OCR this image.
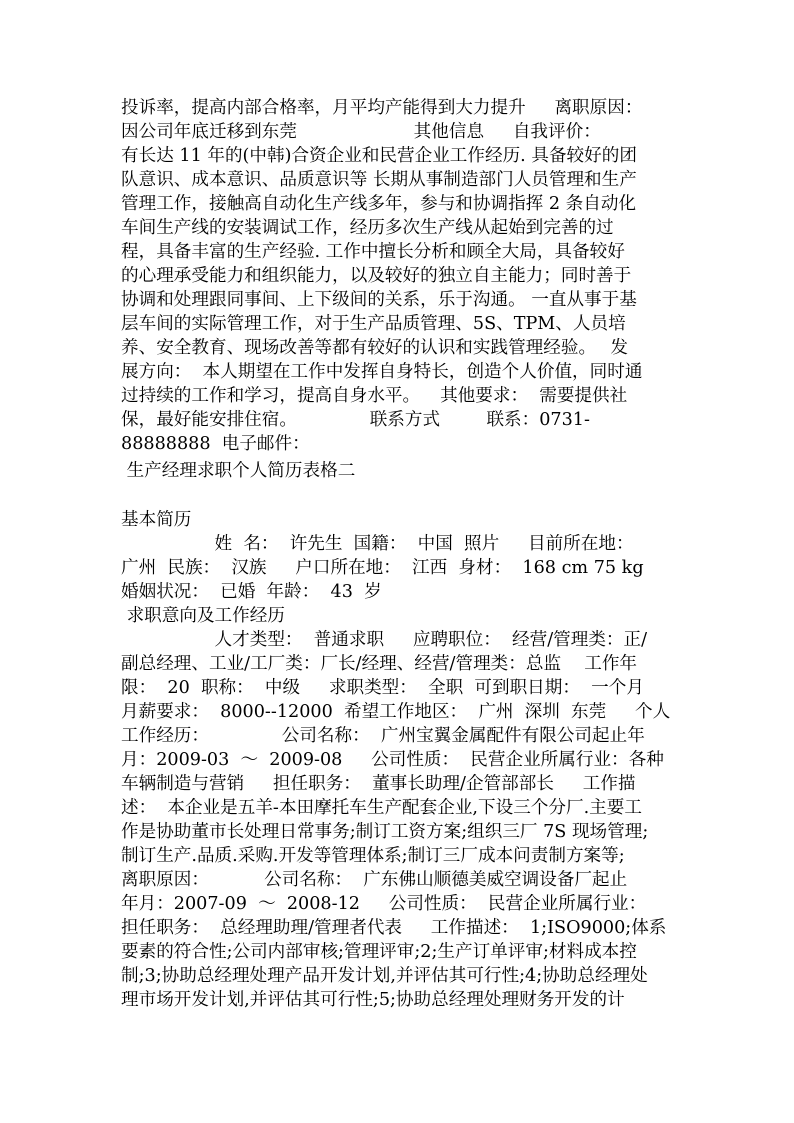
投诉率，提高内部合格率，月平均产能得到大力提升　  离职原因：
因公司年底迁移到东莞　　　　　　  其他信息　  自我评价：
有长达 11 年的(中韩)合资企业和民营企业工作经历. 具备较好的团
队意识、成本意识、品质意识等 长期从事制造部门人员管理和生产
管理工作，接触高自动化生产线多年，参与和协调指挥 2 条自动化
车间生产线的安装调试工作，经历多次生产线从起始到完善的过
程，具备丰富的生产经验. 工作中擅长分析和顾全大局，具备较好
的心理承受能力和组织能力，以及较好的独立自主能力；同时善于
协调和处理跟同事间、上下级间的关系，乐于沟通。 一直从事于基
层车间的实际管理工作，对于生产品质管理、5S、TPM、人员培
养、安全教育、现场改善等都有较好的认识和实践管理经验。　 发
展方向：  本人期望在工作中发挥自身特长，创造个人价值，同时通
过持续的工作和学习，提高自身水平。　  其他要求：  需要提供社
保，最好能安排住宿。　　　　  联系方式　　  联系：0731-
88888888  电子邮件：
生产经理求职个人简历表格二
基本简历
　　　　　 姓  名：  许先生  国籍：  中国  照片　  目前所在地：
广州  民族：  汉族　  户口所在地：  江西  身材：  168 cm 75 kg
婚姻状况：  已婚  年龄：  43  岁
求职意向及工作经历
　　　　　 人才类型：  普通求职　  应聘职位：  经营/管理类：正/
副总经理、工业/工厂类：厂长/经理、经营/管理类：总监　 工作年
限：  20  职称：  中级　  求职类型：  全职  可到职日期：  一个月
月薪要求：  8000--12000  希望工作地区：  广州  深圳  东莞　  个人
工作经历：　　　　  公司名称：  广州宝翼金属配件有限公司起止年
月：2009-03  ～  2009-08　  公司性质：  民营企业所属行业：各种
车辆制造与营销　  担任职务：  董事长助理/企管部部长　  工作描
述：  本企业是五羊-本田摩托车生产配套企业,下设三个分厂.主要工
作是协助董市长处理日常事务;制订工资方案;组织三厂 7S 现场管理;
制订生产.品质.采购.开发等管理体系;制订三厂成本问责制方案等;
离职原因：　　　  公司名称：  广东佛山顺德美威空调设备厂起止
年月：2007-09  ～  2008-12　  公司性质：  民营企业所属行业：
担任职务：  总经理助理/管理者代表　  工作描述：  1;ISO9000;体系
要素的符合性;公司内部审核;管理评审;2;生产订单评审;材料成本控
制;3;协助总经理处理产品开发计划,并评估其可行性;4;协助总经理处
理市场开发计划,并评估其可行性;5;协助总经理处理财务开发的计
